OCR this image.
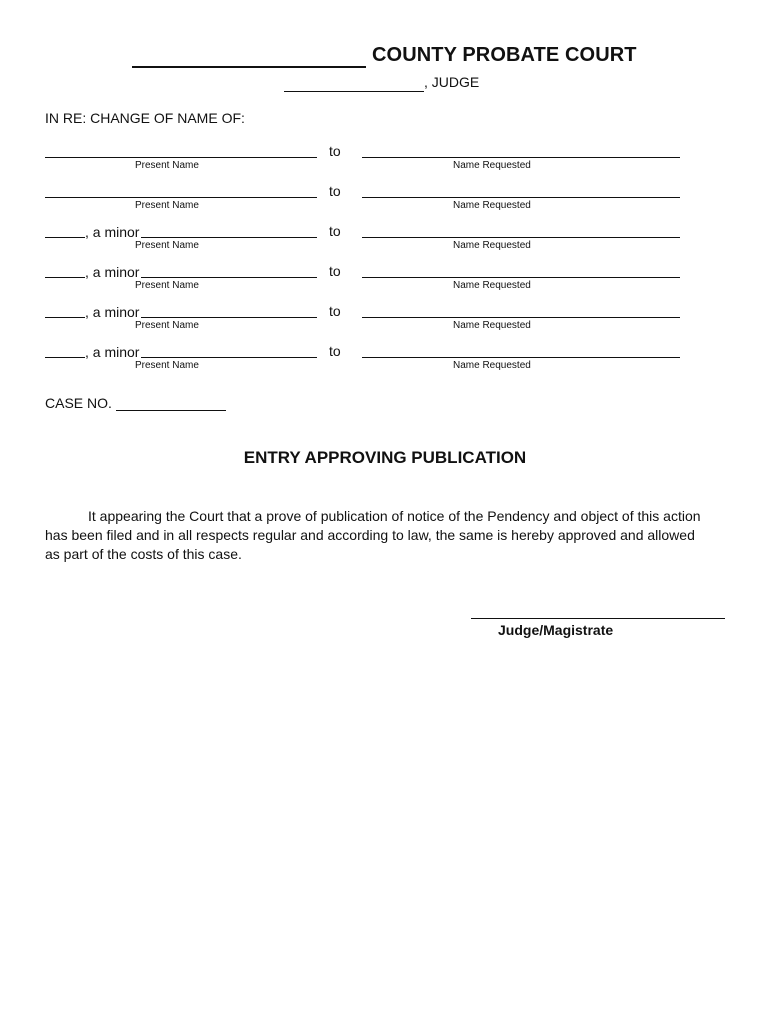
COUNTY PROBATE COURT
, JUDGE
IN RE: CHANGE OF NAME OF:
to
Present Name	Name Requested
to
Present Name	Name Requested
, a minor	to
Present Name	Name Requested
, a minor	to
Present Name	Name Requested
, a minor	to
Present Name	Name Requested
, a minor	to
Present Name	Name Requested
CASE NO.
ENTRY APPROVING PUBLICATION
It appearing the Court that a prove of publication of notice of the Pendency and object of this action has been filed and in all respects regular and according to law, the same is hereby approved and allowed as part of the costs of this case.
Judge/Magistrate
